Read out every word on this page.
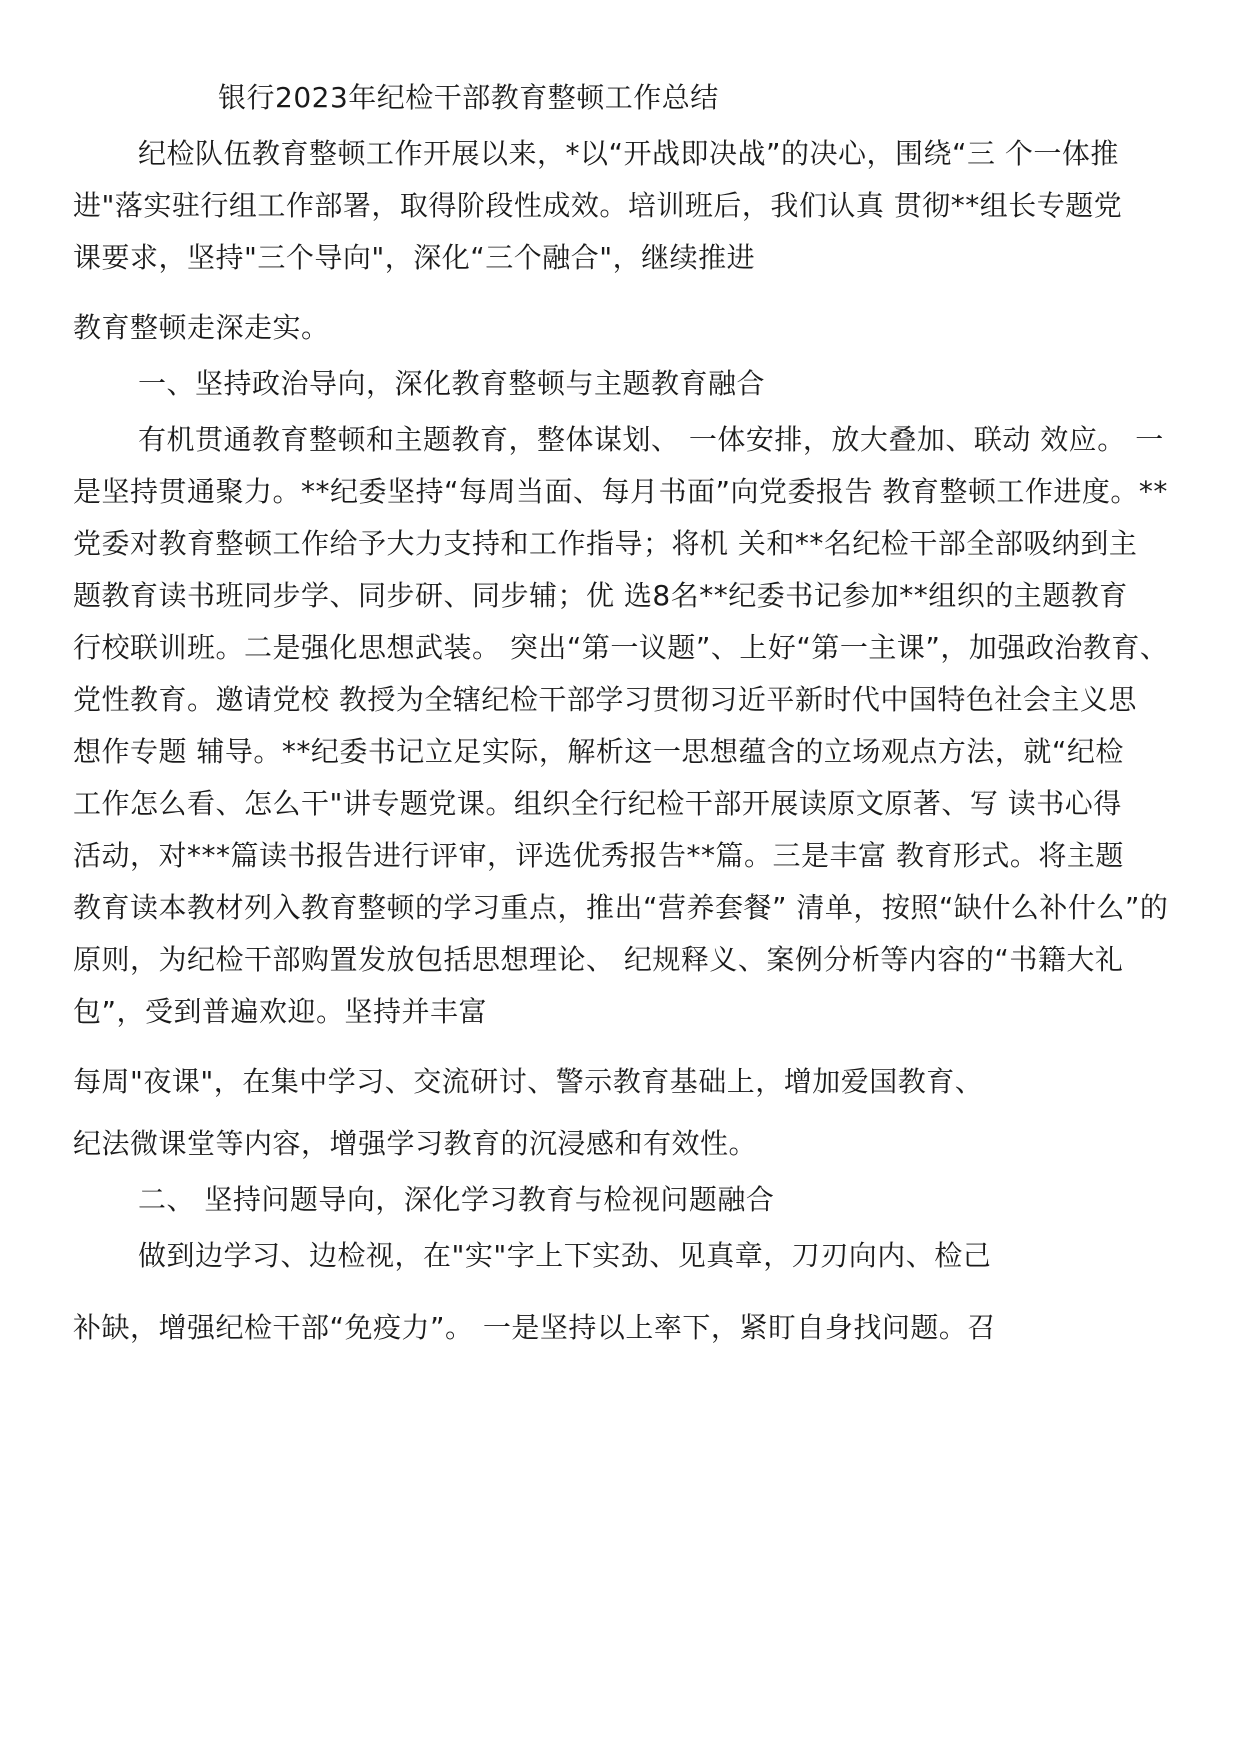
银行2023年纪检干部教育整顿工作总结
纪检队伍教育整顿工作开展以来，*以“开战即决战”的决心，围绕“三 个一体推
进"落实驻行组工作部署，取得阶段性成效。培训班后，我们认真 贯彻**组长专题党
课要求，坚持"三个导向"，深化“三个融合"，继续推进
教育整顿走深走实。
一、坚持政治导向，深化教育整顿与主题教育融合
有机贯通教育整顿和主题教育，整体谋划、 一体安排，放大叠加、联动 效应。 一
是坚持贯通聚力。**纪委坚持“每周当面、每月书面”向党委报告 教育整顿工作进度。**
党委对教育整顿工作给予大力支持和工作指导；将机 关和**名纪检干部全部吸纳到主
题教育读书班同步学、同步研、同步辅；优 选8名**纪委书记参加**组织的主题教育
行校联训班。二是强化思想武装。 突出“第一议题”、上好“第一主课”，加强政治教育、
党性教育。邀请党校 教授为全辖纪检干部学习贯彻习近平新时代中国特色社会主义思
想作专题 辅导。**纪委书记立足实际，解析这一思想蕴含的立场观点方法，就“纪检
工作怎么看、怎么干"讲专题党课。组织全行纪检干部开展读原文原著、写 读书心得
活动，对***篇读书报告进行评审，评选优秀报告**篇。三是丰富 教育形式。将主题
教育读本教材列入教育整顿的学习重点，推出“营养套餐” 清单，按照“缺什么补什么”的
原则，为纪检干部购置发放包括思想理论、 纪规释义、案例分析等内容的“书籍大礼
包”，受到普遍欢迎。坚持并丰富
每周"夜课"，在集中学习、交流研讨、警示教育基础上，增加爱国教育、
纪法微课堂等内容，增强学习教育的沉浸感和有效性。
二、 坚持问题导向，深化学习教育与检视问题融合
做到边学习、边检视，在"实"字上下实劲、见真章，刀刃向内、检己
补缺，增强纪检干部“免疫力”。 一是坚持以上率下，紧盯自身找问题。召
